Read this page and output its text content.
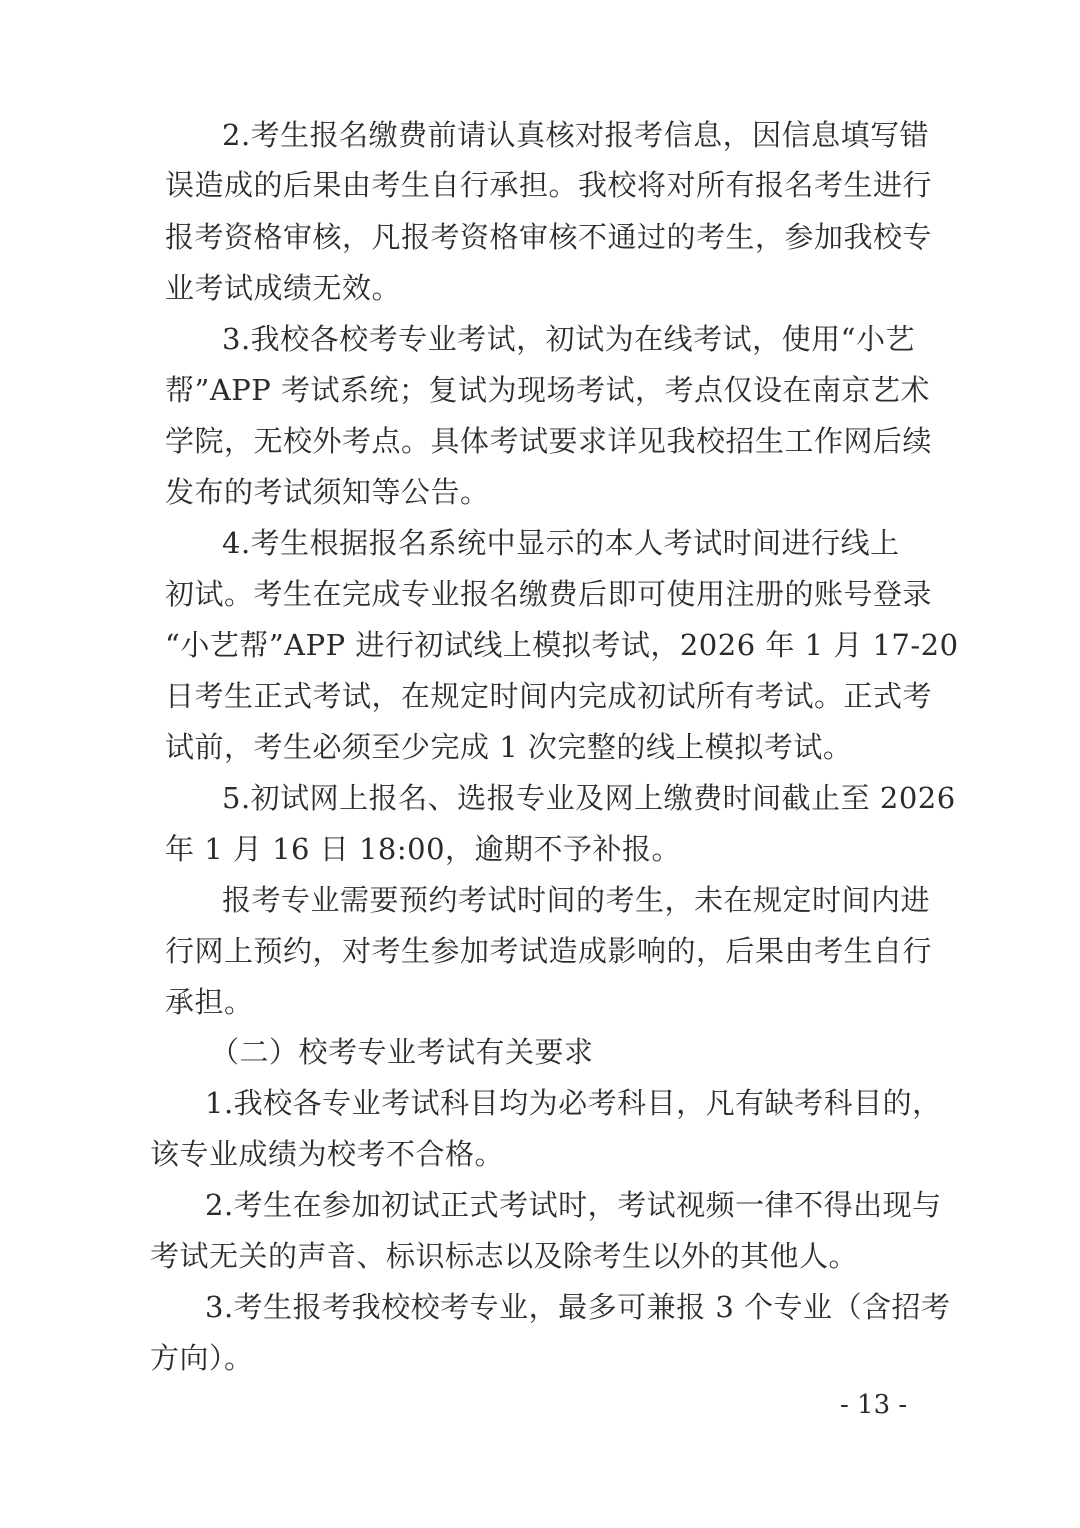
2.考生报名缴费前请认真核对报考信息，因信息填写错
误造成的后果由考生自行承担。我校将对所有报名考生进行
报考资格审核，凡报考资格审核不通过的考生，参加我校专
业考试成绩无效。
3.我校各校考专业考试，初试为在线考试，使用“小艺
帮”APP 考试系统；复试为现场考试，考点仅设在南京艺术
学院，无校外考点。具体考试要求详见我校招生工作网后续
发布的考试须知等公告。
4.考生根据报名系统中显示的本人考试时间进行线上
初试。考生在完成专业报名缴费后即可使用注册的账号登录
“小艺帮”APP 进行初试线上模拟考试，2026 年 1 月 17-20
日考生正式考试，在规定时间内完成初试所有考试。正式考
试前，考生必须至少完成 1 次完整的线上模拟考试。
5.初试网上报名、选报专业及网上缴费时间截止至 2026
年 1 月 16 日 18:00，逾期不予补报。
报考专业需要预约考试时间的考生，未在规定时间内进
行网上预约，对考生参加考试造成影响的，后果由考生自行
承担。
（二）校考专业考试有关要求
1.我校各专业考试科目均为必考科目，凡有缺考科目的，
该专业成绩为校考不合格。
2.考生在参加初试正式考试时，考试视频一律不得出现与
考试无关的声音、标识标志以及除考生以外的其他人。
3.考生报考我校校考专业，最多可兼报 3 个专业（含招考
方向）。
- 13 -
